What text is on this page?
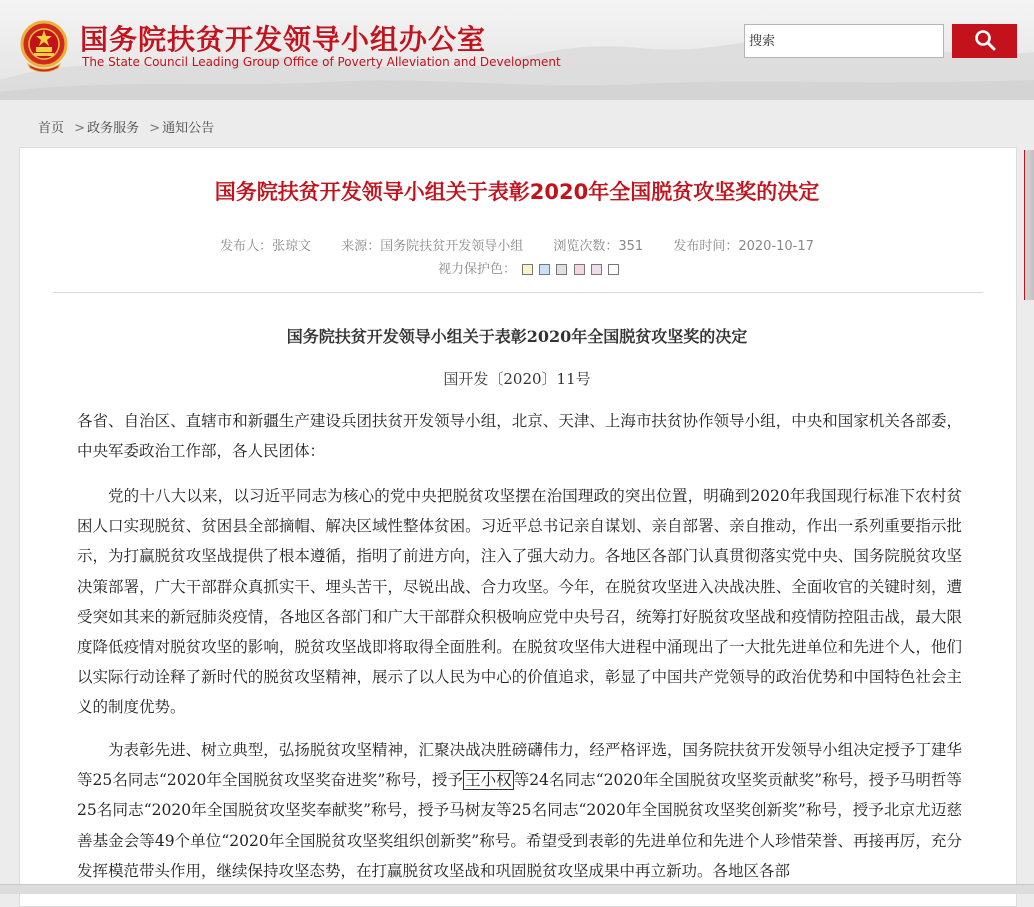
国务院扶贫开发领导小组办公室
The State Council Leading Group Office of Poverty Alleviation and Development
搜索
首页 > 政务服务 > 通知公告
国务院扶贫开发领导小组关于表彰2020年全国脱贫攻坚奖的决定
发布人：张琼文 来源：国务院扶贫开发领导小组 浏览次数：351 发布时间：2020-10-17
视力保护色：
国务院扶贫开发领导小组关于表彰2020年全国脱贫攻坚奖的决定
国开发〔2020〕11号

各省、自治区、直辖市和新疆生产建设兵团扶贫开发领导小组，北京、天津、上海市扶贫协作领导小组，中央和国家机关各部委，中央军委政治工作部，各人民团体：

党的十八大以来，以习近平同志为核心的党中央把脱贫攻坚摆在治国理政的突出位置，明确到2020年我国现行标准下农村贫困人口实现脱贫、贫困县全部摘帽、解决区域性整体贫困。习近平总书记亲自谋划、亲自部署、亲自推动，作出一系列重要指示批示，为打赢脱贫攻坚战提供了根本遵循，指明了前进方向，注入了强大动力。各地区各部门认真贯彻落实党中央、国务院脱贫攻坚决策部署，广大干部群众真抓实干、埋头苦干，尽锐出战、合力攻坚。今年，在脱贫攻坚进入决战决胜、全面收官的关键时刻，遭受突如其来的新冠肺炎疫情，各地区各部门和广大干部群众积极响应党中央号召，统筹打好脱贫攻坚战和疫情防控阻击战，最大限度降低疫情对脱贫攻坚的影响，脱贫攻坚战即将取得全面胜利。在脱贫攻坚伟大进程中涌现出了一大批先进单位和先进个人，他们以实际行动诠释了新时代的脱贫攻坚精神，展示了以人民为中心的价值追求，彰显了中国共产党领导的政治优势和中国特色社会主义的制度优势。

为表彰先进、树立典型，弘扬脱贫攻坚精神，汇聚决战决胜磅礴伟力，经严格评选，国务院扶贫开发领导小组决定授予丁建华等25名同志“2020年全国脱贫攻坚奖奋进奖”称号，授予 王小权 等24名同志“2020年全国脱贫攻坚奖贡献奖”称号，授予马明哲等25名同志“2020年全国脱贫攻坚奖奉献奖”称号，授予马树友等25名同志“2020年全国脱贫攻坚奖创新奖”称号，授予北京尤迈慈善基金会等49个单位“2020年全国脱贫攻坚奖组织创新奖”称号。希望受到表彰的先进单位和先进个人珍惜荣誉、再接再厉，充分发挥模范带头作用，继续保持攻坚态势，在打赢脱贫攻坚战和巩固脱贫攻坚成果中再立新功。各地区各部
